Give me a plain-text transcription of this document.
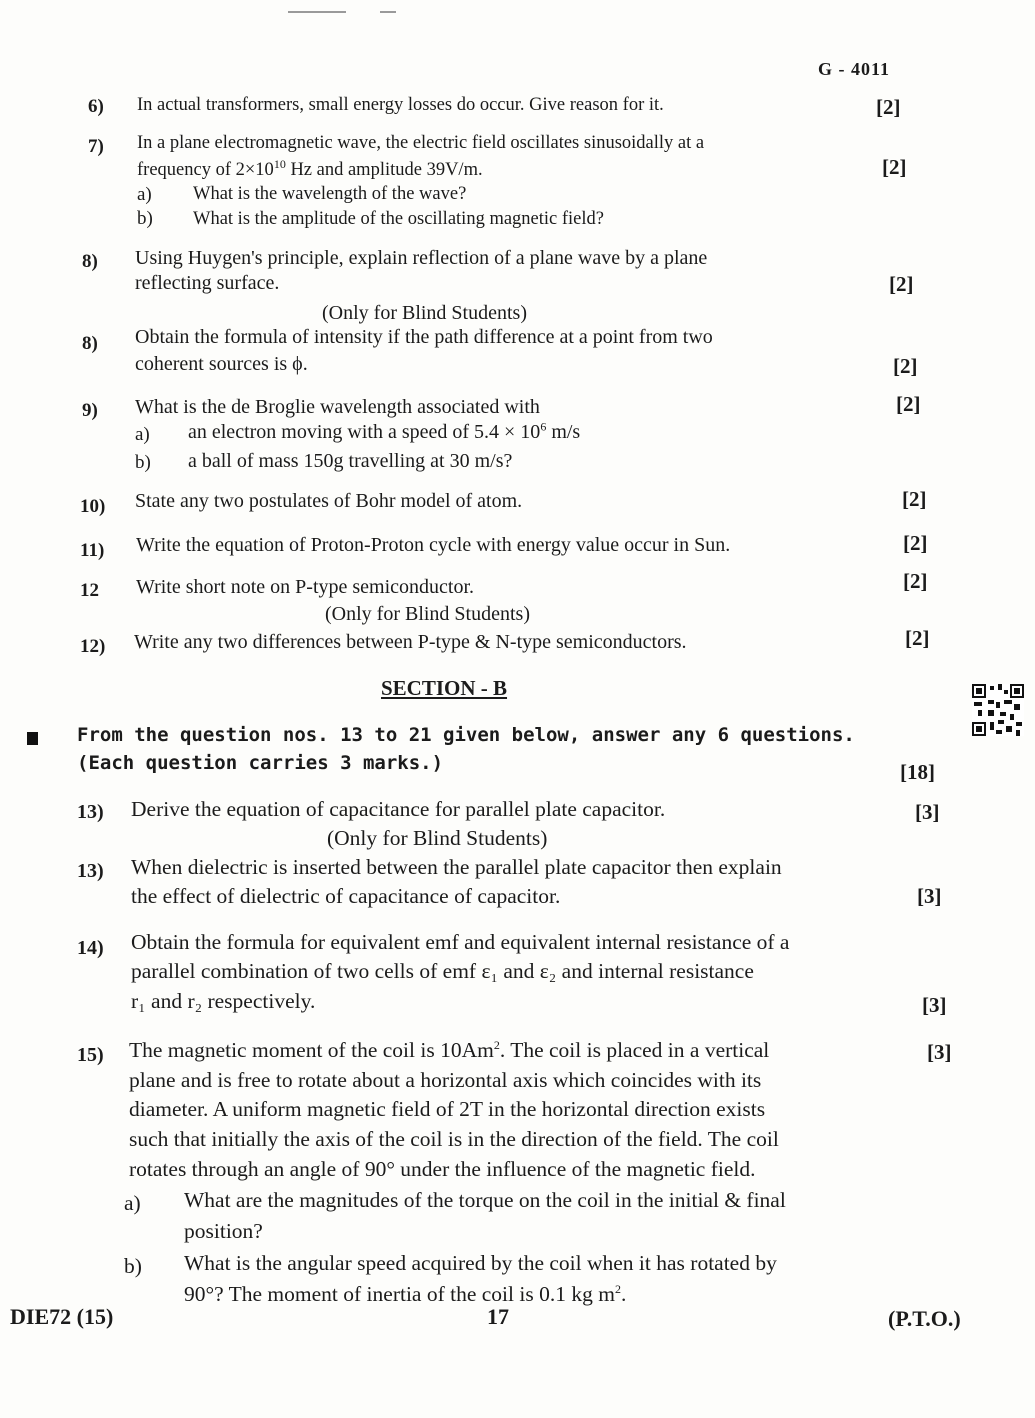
G - 4011
6) In actual transformers, small energy losses do occur. Give reason for it.	[2]
7) In a plane electromagnetic wave, the electric field oscillates sinusoidally at a
frequency of $2\times 10^{10}$ Hz and amplitude 39V/m.	[2]
a) What is the wavelength of the wave?
b) What is the amplitude of the oscillating magnetic field?
8) Using Huygen's principle, explain reflection of a plane wave by a plane
reflecting surface.	[2]
(Only for Blind Students)
8) Obtain the formula of intensity if the path difference at a point from two
coherent sources is ϕ.	[2]
9) What is the de Broglie wavelength associated with	[2]
a) an electron moving with a speed of $5.4 \times 10^6$ m/s
b) a ball of mass 150g travelling at 30 m/s?
10) State any two postulates of Bohr model of atom.	[2]
11) Write the equation of Proton-Proton cycle with energy value occur in Sun.	[2]
12 Write short note on P-type semiconductor.	[2]
(Only for Blind Students)
12) Write any two differences between P-type & N-type semiconductors.	[2]
SECTION - B
From the question nos. 13 to 21 given below, answer any 6 questions.
(Each question carries 3 marks.)	[18]
13) Derive the equation of capacitance for parallel plate capacitor.	[3]
(Only for Blind Students)
13) When dielectric is inserted between the parallel plate capacitor then explain
the effect of dielectric of capacitance of capacitor.	[3]
14) Obtain the formula for equivalent emf and equivalent internal resistance of a
parallel combination of two cells of emf ε₁ and ε₂ and internal resistance
r₁ and r₂ respectively.	[3]
15) The magnetic moment of the coil is 10Am$^2$. The coil is placed in a vertical	[3]
plane and is free to rotate about a horizontal axis which coincides with its
diameter. A uniform magnetic field of 2T in the horizontal direction exists
such that initially the axis of the coil is in the direction of the field. The coil
rotates through an angle of 90° under the influence of the magnetic field.
a) What are the magnitudes of the torque on the coil in the initial & final
position?
b) What is the angular speed acquired by the coil when it has rotated by
90°? The moment of inertia of the coil is 0.1 kg $m^2$.
DIE72 (15)	17	(P.T.O.)
